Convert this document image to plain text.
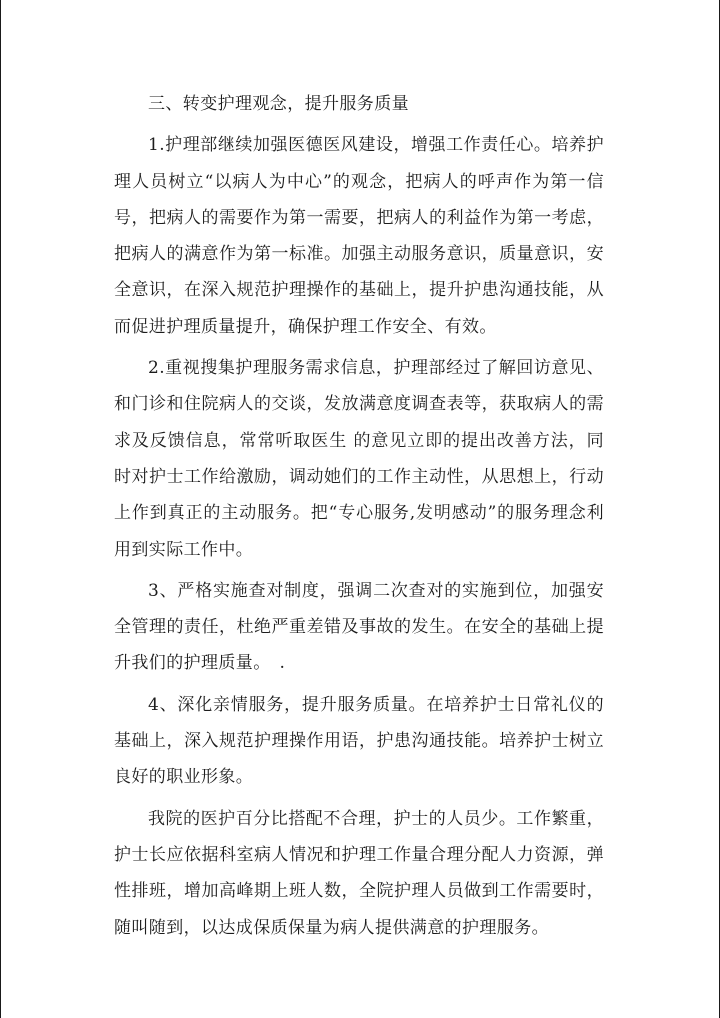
三、转变护理观念，提升服务质量

1.护理部继续加强医德医风建设，增强工作责任心。培养护理人员树立“以病人为中心”的观念，把病人的呼声作为第一信号，把病人的需要作为第一需要，把病人的利益作为第一考虑，把病人的满意作为第一标准。加强主动服务意识，质量意识，安全意识，在深入规范护理操作的基础上，提升护患沟通技能，从而促进护理质量提升，确保护理工作安全、有效。

2.重视搜集护理服务需求信息，护理部经过了解回访意见、和门诊和住院病人的交谈，发放满意度调查表等，获取病人的需求及反馈信息，常常听取医生 的意见立即的提出改善方法，同时对护士工作给激励，调动她们的工作主动性，从思想上，行动上作到真正的主动服务。把“专心服务,发明感动”的服务理念利用到实际工作中。

3、严格实施查对制度，强调二次查对的实施到位，加强安全管理的责任，杜绝严重差错及事故的发生。在安全的基础上提升我们的护理质量。　.

4、深化亲情服务，提升服务质量。在培养护士日常礼仪的基础上，深入规范护理操作用语，护患沟通技能。培养护士树立良好的职业形象。

我院的医护百分比搭配不合理，护士的人员少。工作繁重，护士长应依据科室病人情况和护理工作量合理分配人力资源，弹性排班，增加高峰期上班人数，全院护理人员做到工作需要时，随叫随到，以达成保质保量为病人提供满意的护理服务。
